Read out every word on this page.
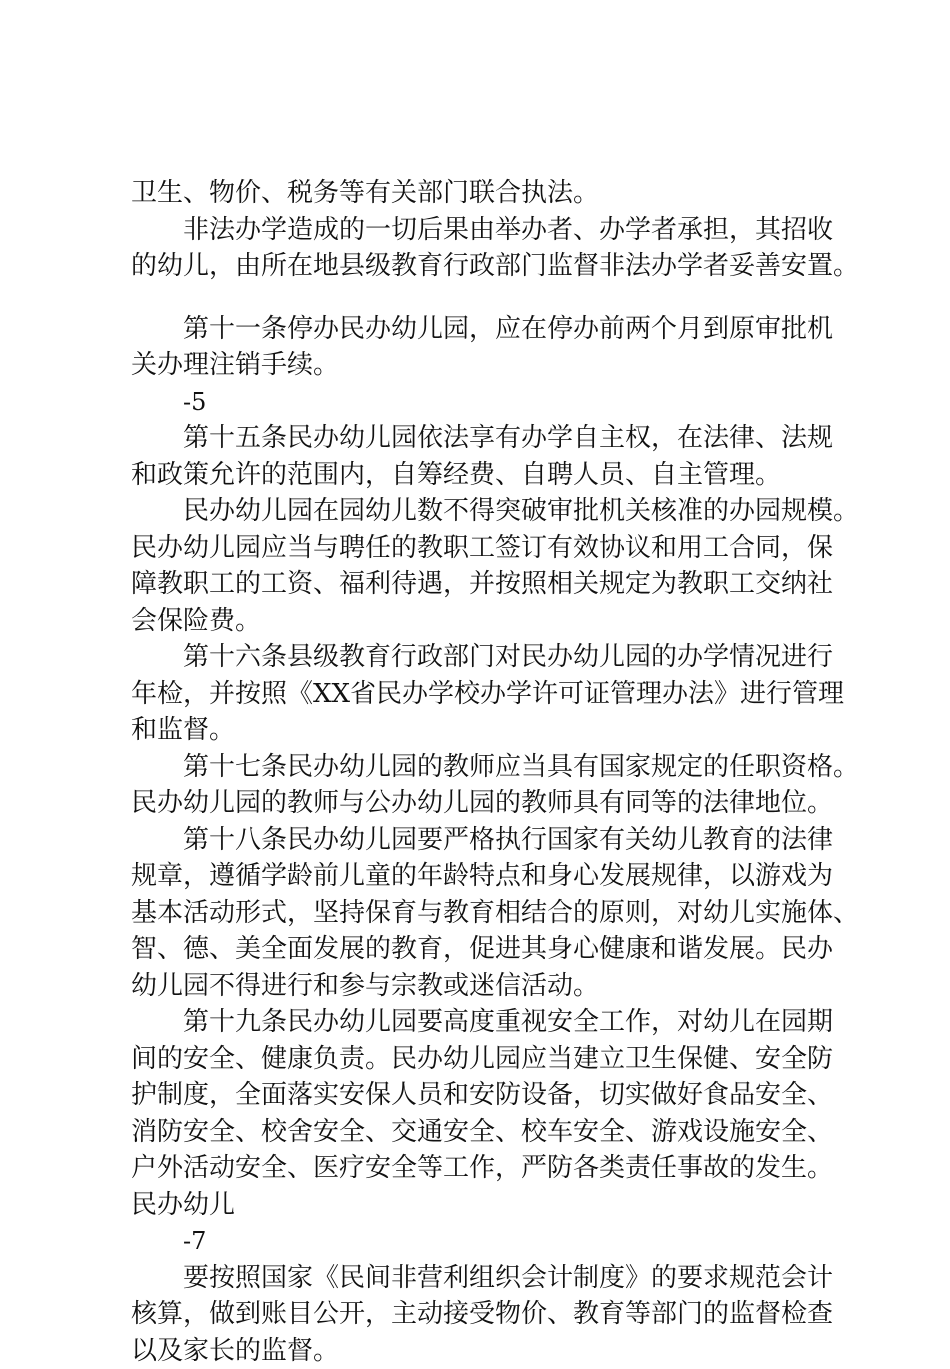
卫生、物价、税务等有关部门联合执法。
非法办学造成的一切后果由举办者、办学者承担，其招收
的幼儿，由所在地县级教育行政部门监督非法办学者妥善安置。
第十一条停办民办幼儿园，应在停办前两个月到原审批机
关办理注销手续。
-5
第十五条民办幼儿园依法享有办学自主权，在法律、法规
和政策允许的范围内，自筹经费、自聘人员、自主管理。
民办幼儿园在园幼儿数不得突破审批机关核准的办园规模。
民办幼儿园应当与聘任的教职工签订有效协议和用工合同，保
障教职工的工资、福利待遇，并按照相关规定为教职工交纳社
会保险费。
第十六条县级教育行政部门对民办幼儿园的办学情况进行
年检，并按照《XX省民办学校办学许可证管理办法》进行管理
和监督。
第十七条民办幼儿园的教师应当具有国家规定的任职资格。
民办幼儿园的教师与公办幼儿园的教师具有同等的法律地位。
第十八条民办幼儿园要严格执行国家有关幼儿教育的法律
规章，遵循学龄前儿童的年龄特点和身心发展规律，以游戏为
基本活动形式，坚持保育与教育相结合的原则，对幼儿实施体、
智、德、美全面发展的教育，促进其身心健康和谐发展。民办
幼儿园不得进行和参与宗教或迷信活动。
第十九条民办幼儿园要高度重视安全工作，对幼儿在园期
间的安全、健康负责。民办幼儿园应当建立卫生保健、安全防
护制度，全面落实安保人员和安防设备，切实做好食品安全、
消防安全、校舍安全、交通安全、校车安全、游戏设施安全、
户外活动安全、医疗安全等工作，严防各类责任事故的发生。
民办幼儿
-7
要按照国家《民间非营利组织会计制度》的要求规范会计
核算，做到账目公开，主动接受物价、教育等部门的监督检查
以及家长的监督。
